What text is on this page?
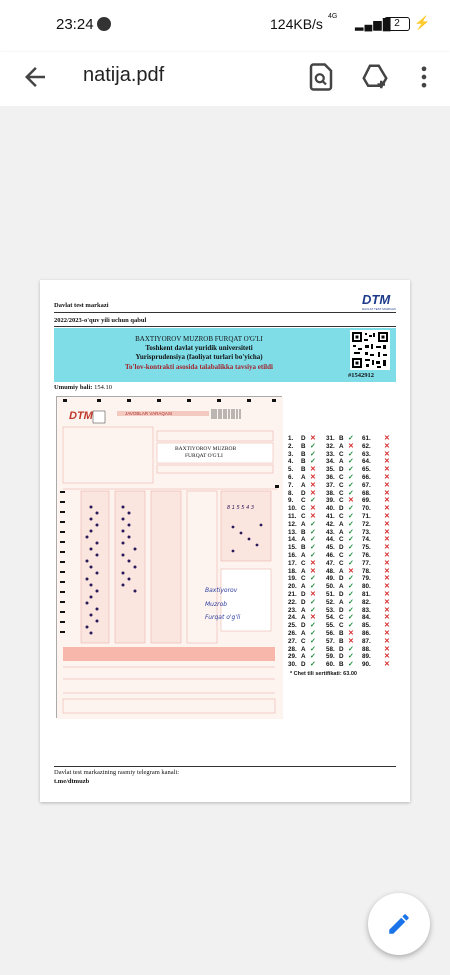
23:24	124KB/s 4G
▂▄▆█ 2	⚡
natija.pdf
Davlat test markazi
2022/2023-o'quv yili uchun qabul
DTM
DAVLAT TEST MARKAZI
BAXTIYOROV MUZROB FURQAT O'G'LI
Toshkent davlat yuridik universiteti
Yurisprudensiya (faoliyat turlari bo'yicha)
To'lov-kontrakti asosida talabalikka tavsiya etildi
#1542912
Umumiy bali: 154.10
DTM	JAVOBLAR VARAQASI
BAXTIYOROV MUZROB
FURQAT O'G'LI
8 1 5 5 4 3
Baxtiyorov
Muzrob
Furqat o'g'li
1. D ✕ 31. B ✓ 61. ✕
2. B ✓ 32. A ✕ 62. ✕
3. B ✓ 33. C ✓ 63. ✕
4. B ✓ 34. A ✓ 64. ✕
5. B ✕ 35. D ✓ 65. ✕
6. A ✕ 36. C ✓ 66. ✕
7. A ✕ 37. C ✓ 67. ✕
8. D ✕ 38. C ✓ 68. ✕
9. C ✓ 39. C ✕ 69. ✕
10. C ✕ 40. D ✓ 70. ✕
11. C ✕ 41. C ✓ 71. ✕
12. A ✓ 42. A ✓ 72. ✕
13. B ✓ 43. A ✓ 73. ✕
14. A ✓ 44. C ✓ 74. ✕
15. B ✓ 45. D ✓ 75. ✕
16. A ✓ 46. C ✓ 76. ✕
17. C ✕ 47. C ✓ 77. ✕
18. A ✕ 48. A ✕ 78. ✕
19. C ✓ 49. D ✓ 79. ✕
20. A ✓ 50. A ✓ 80. ✕
21. D ✕ 51. D ✓ 81. ✕
22. D ✓ 52. A ✓ 82. ✕
23. A ✓ 53. D ✓ 83. ✕
24. A ✕ 54. C ✓ 84. ✕
25. D ✓ 55. C ✓ 85. ✕
26. A ✓ 56. B ✕ 86. ✕
27. C ✓ 57. B ✕ 87. ✕
28. A ✓ 58. D ✓ 88. ✕
29. A ✓ 59. D ✓ 89. ✕
30. D ✓ 60. B ✓ 90. ✕
* Chet tili sertifikati: 63.00
Davlat test markazining rasmiy telegram kanali:
t.me/dtmuzb
